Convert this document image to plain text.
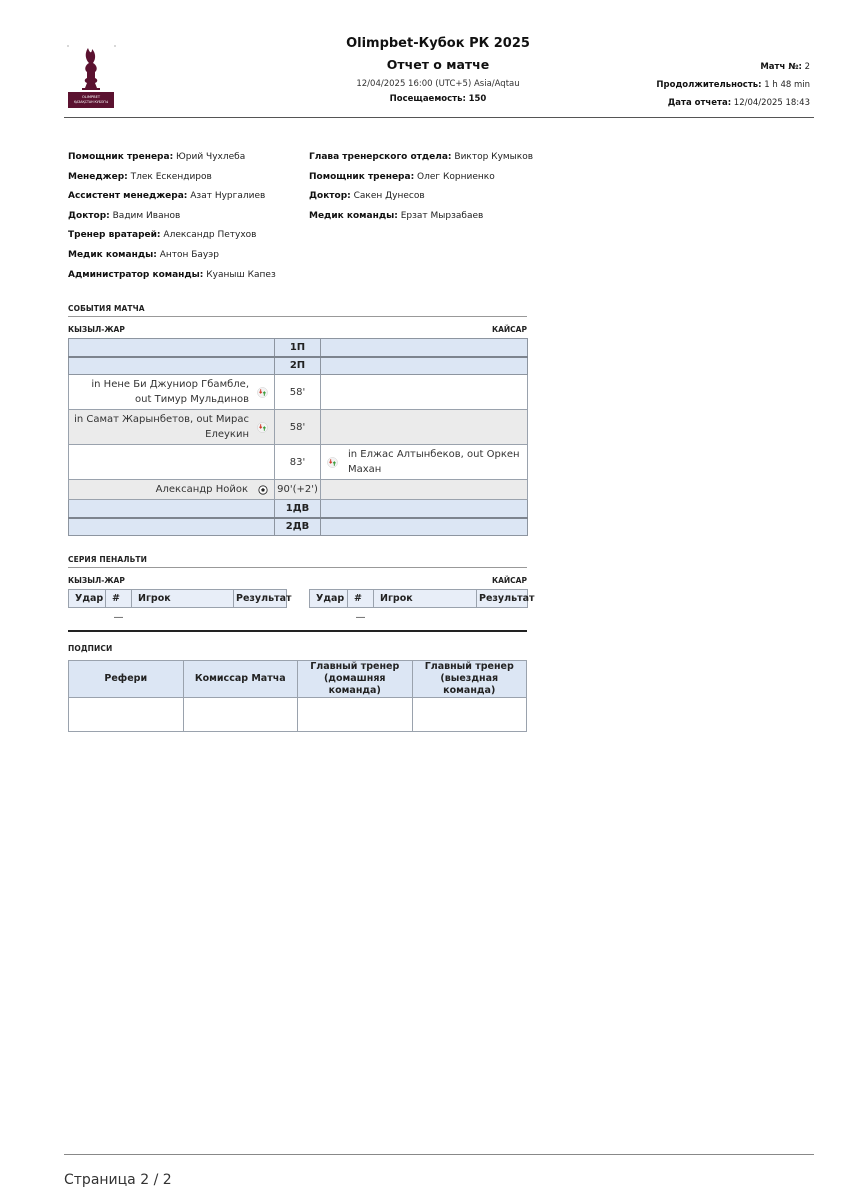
OLIMPBET
ҚАЗАҚСТАН КУБОГЫ
Olimpbet-Кубок РК 2025
Отчет о матче
12/04/2025 16:00 (UTC+5) Asia/Aqtau
Посещаемость: 150
Матч №: 2
Продолжительность: 1 h 48 min
Дата отчета: 12/04/2025 18:43
Помощник тренера: Юрий Чухлеба
Менеджер: Тлек Ескендиров
Ассистент менеджера: Азат Нургалиев
Доктор: Вадим Иванов
Тренер вратарей: Александр Петухов
Медик команды: Антон Бауэр
Администратор команды: Куаныш Капез
Глава тренерского отдела: Виктор Кумыков
Помощник тренера: Олег Корниенко
Доктор: Сакен Дунесов
Медик команды: Ерзат Мырзабаев
СОБЫТИЯ МАТЧА
КЫЗЫЛ-ЖАР	КАЙСАР
	1П	
	2П	

in Нене Би Джуниор Гбамбле, out Тимур Мульдинов	58'	

in Самат Жарынбетов, out Мирас Елеукин	58'	
	83'	in Елжас Алтынбеков, out Оркен Махан

Александр Нойок	90'(+2')	
	1ДВ	
	2ДВ	
СЕРИЯ ПЕНАЛЬТИ
КЫЗЫЛ-ЖАР	КАЙСАР
Удар	#	Игрок	Результат
	—		
Удар	#	Игрок	Результат
	—		
ПОДПИСИ
Рефери	Комиссар Матча	Главный тренер (домашняя команда)	Главный тренер (выездная команда)

Страница 2 / 2
